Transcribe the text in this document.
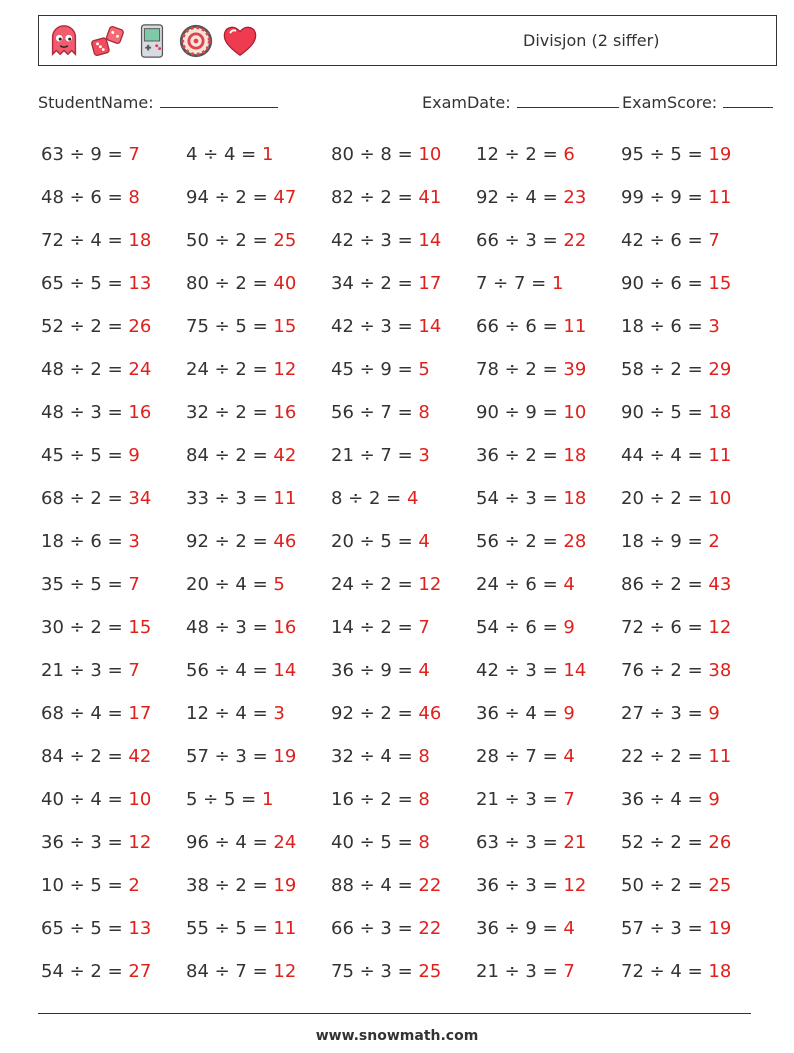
Divisjon (2 siffer)
StudentName:	ExamDate:	ExamScore:
63 ÷ 9 = 7	4 ÷ 4 = 1	80 ÷ 8 = 10	12 ÷ 2 = 6	95 ÷ 5 = 19
48 ÷ 6 = 8	94 ÷ 2 = 47	82 ÷ 2 = 41	92 ÷ 4 = 23	99 ÷ 9 = 11
72 ÷ 4 = 18	50 ÷ 2 = 25	42 ÷ 3 = 14	66 ÷ 3 = 22	42 ÷ 6 = 7
65 ÷ 5 = 13	80 ÷ 2 = 40	34 ÷ 2 = 17	7 ÷ 7 = 1	90 ÷ 6 = 15
52 ÷ 2 = 26	75 ÷ 5 = 15	42 ÷ 3 = 14	66 ÷ 6 = 11	18 ÷ 6 = 3
48 ÷ 2 = 24	24 ÷ 2 = 12	45 ÷ 9 = 5	78 ÷ 2 = 39	58 ÷ 2 = 29
48 ÷ 3 = 16	32 ÷ 2 = 16	56 ÷ 7 = 8	90 ÷ 9 = 10	90 ÷ 5 = 18
45 ÷ 5 = 9	84 ÷ 2 = 42	21 ÷ 7 = 3	36 ÷ 2 = 18	44 ÷ 4 = 11
68 ÷ 2 = 34	33 ÷ 3 = 11	8 ÷ 2 = 4	54 ÷ 3 = 18	20 ÷ 2 = 10
18 ÷ 6 = 3	92 ÷ 2 = 46	20 ÷ 5 = 4	56 ÷ 2 = 28	18 ÷ 9 = 2
35 ÷ 5 = 7	20 ÷ 4 = 5	24 ÷ 2 = 12	24 ÷ 6 = 4	86 ÷ 2 = 43
30 ÷ 2 = 15	48 ÷ 3 = 16	14 ÷ 2 = 7	54 ÷ 6 = 9	72 ÷ 6 = 12
21 ÷ 3 = 7	56 ÷ 4 = 14	36 ÷ 9 = 4	42 ÷ 3 = 14	76 ÷ 2 = 38
68 ÷ 4 = 17	12 ÷ 4 = 3	92 ÷ 2 = 46	36 ÷ 4 = 9	27 ÷ 3 = 9
84 ÷ 2 = 42	57 ÷ 3 = 19	32 ÷ 4 = 8	28 ÷ 7 = 4	22 ÷ 2 = 11
40 ÷ 4 = 10	5 ÷ 5 = 1	16 ÷ 2 = 8	21 ÷ 3 = 7	36 ÷ 4 = 9
36 ÷ 3 = 12	96 ÷ 4 = 24	40 ÷ 5 = 8	63 ÷ 3 = 21	52 ÷ 2 = 26
10 ÷ 5 = 2	38 ÷ 2 = 19	88 ÷ 4 = 22	36 ÷ 3 = 12	50 ÷ 2 = 25
65 ÷ 5 = 13	55 ÷ 5 = 11	66 ÷ 3 = 22	36 ÷ 9 = 4	57 ÷ 3 = 19
54 ÷ 2 = 27	84 ÷ 7 = 12	75 ÷ 3 = 25	21 ÷ 3 = 7	72 ÷ 4 = 18
www.snowmath.com
